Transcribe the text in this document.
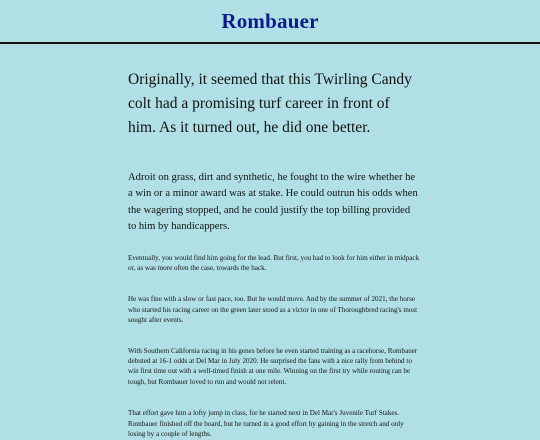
Rombauer

Originally, it seemed that this Twirling Candy colt had a promising turf career in front of him. As it turned out, he did one better.

Adroit on grass, dirt and synthetic, he fought to the wire whether he a win or a minor award was at stake. He could outrun his odds when the wagering stopped, and he could justify the top billing provided to him by handicappers.

Eventually, you would find him going for the lead. But first, you had to look for him either in midpack or, as was more often the case, towards the back.

He was fine with a slow or fast pace, too. But he would move. And by the summer of 2021, the horse who started his racing career on the green later stood as a victor in one of Thoroughbred racing's most sought after events.

With Southern California racing in his genes before he even started training as a racehorse, Rombauer debuted at 16-1 odds at Del Mar in July 2020. He surprised the fans with a nice rally from behind to win first time out with a well-timed finish at one mile. Winning on the first try while routing can be tough, but Rombauer loved to run and would not relent.

That effort gave him a lofty jump in class, for he started next in Del Mar's Juvenile Turf Stakes. Rombauer finished off the board, but he turned in a good effort by gaining in the stretch and only losing by a couple of lengths.
